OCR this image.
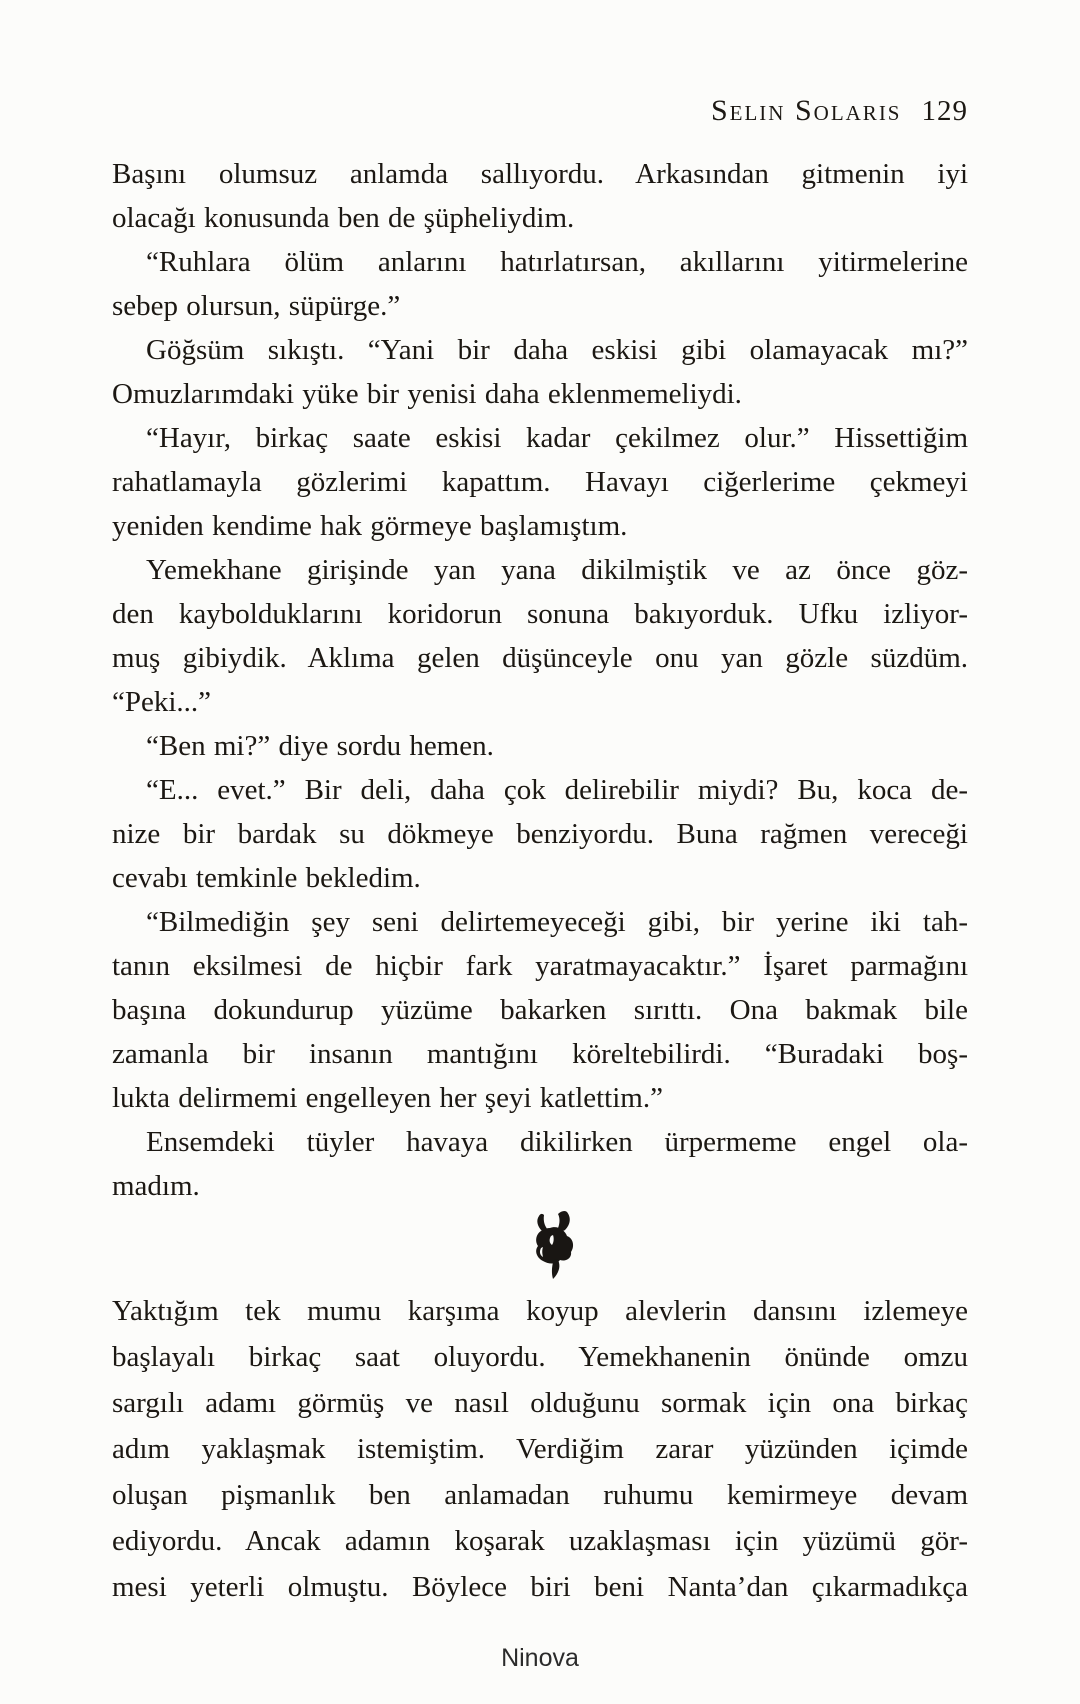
Selin Solaris 129
Başını olumsuz anlamda sallıyordu. Arkasından gitmenin iyi
olacağı konusunda ben de şüpheliydim.
“Ruhlara ölüm anlarını hatırlatırsan, akıllarını yitirmelerine
sebep olursun, süpürge.”
Göğsüm sıkıştı. “Yani bir daha eskisi gibi olamayacak mı?”
Omuzlarımdaki yüke bir yenisi daha eklenmemeliydi.
“Hayır, birkaç saate eskisi kadar çekilmez olur.” Hissettiğim
rahatlamayla gözlerimi kapattım. Havayı ciğerlerime çekmeyi
yeniden kendime hak görmeye başlamıştım.
Yemekhane girişinde yan yana dikilmiştik ve az önce göz-
den kaybolduklarını koridorun sonuna bakıyorduk. Ufku izliyor-
muş gibiydik. Aklıma gelen düşünceyle onu yan gözle süzdüm.
“Peki...”
“Ben mi?” diye sordu hemen.
“E... evet.” Bir deli, daha çok delirebilir miydi? Bu, koca de-
nize bir bardak su dökmeye benziyordu. Buna rağmen vereceği
cevabı temkinle bekledim.
“Bilmediğin şey seni delirtemeyeceği gibi, bir yerine iki tah-
tanın eksilmesi de hiçbir fark yaratmayacaktır.” İşaret parmağını
başına dokundurup yüzüme bakarken sırıttı. Ona bakmak bile
zamanla bir insanın mantığını köreltebilirdi. “Buradaki boş-
lukta delirmemi engelleyen her şeyi katlettim.”
Ensemdeki tüyler havaya dikilirken ürpermeme engel ola-
madım.
Yaktığım tek mumu karşıma koyup alevlerin dansını izlemeye
başlayalı birkaç saat oluyordu. Yemekhanenin önünde omzu
sargılı adamı görmüş ve nasıl olduğunu sormak için ona birkaç
adım yaklaşmak istemiştim. Verdiğim zarar yüzünden içimde
oluşan pişmanlık ben anlamadan ruhumu kemirmeye devam
ediyordu. Ancak adamın koşarak uzaklaşması için yüzümü gör-
mesi yeterli olmuştu. Böylece biri beni Nanta’dan çıkarmadıkça
Ninova
